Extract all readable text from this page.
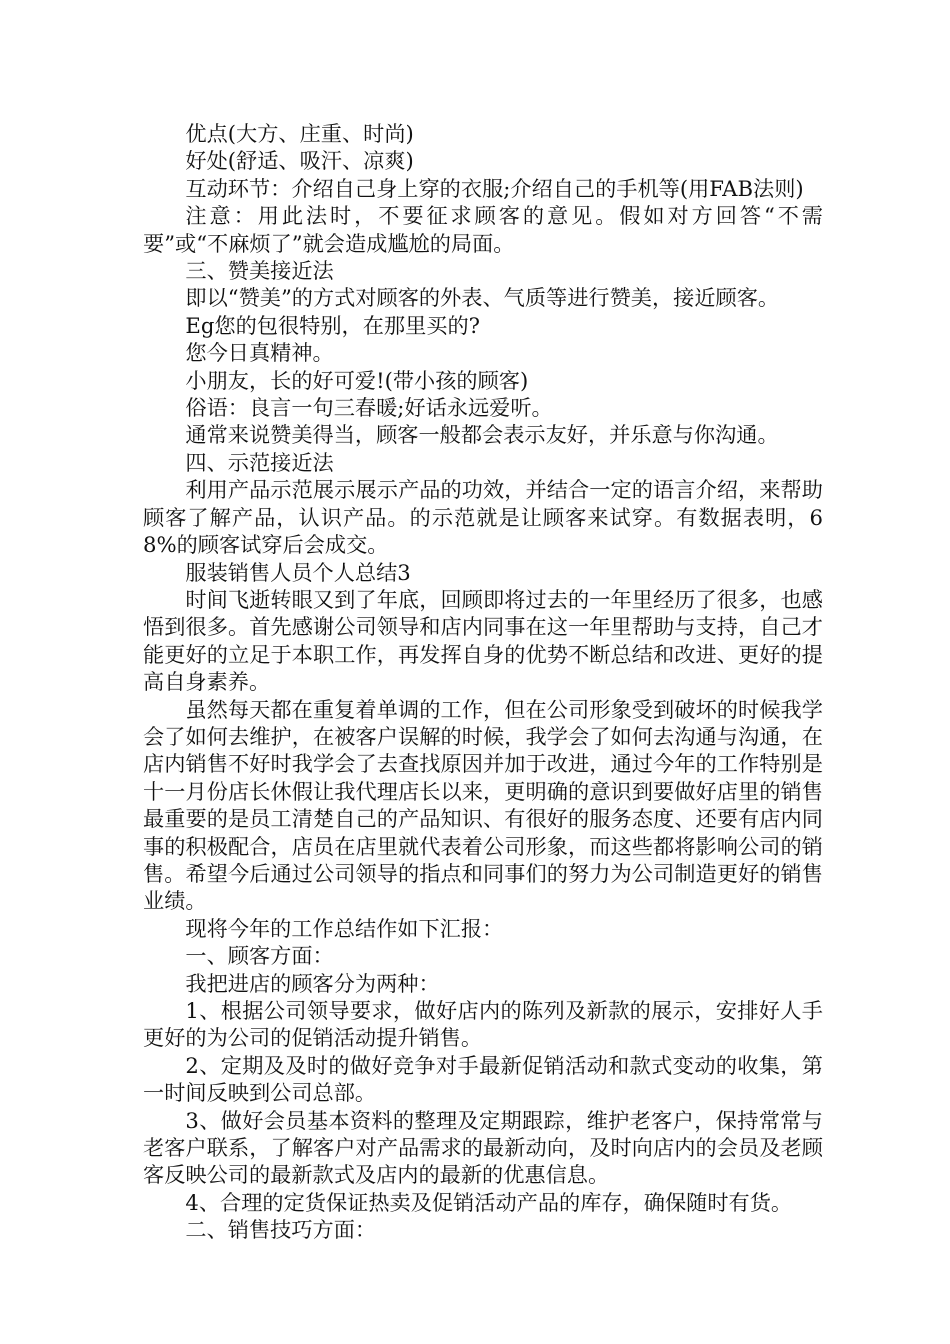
优点(大方、庄重、时尚)

好处(舒适、吸汗、凉爽)

互动环节：介绍自己身上穿的衣服;介绍自己的手机等(用FAB法则)

注意：用此法时，不要征求顾客的意见。假如对方回答“不需要”或“不麻烦了”就会造成尴尬的局面。

三、赞美接近法

即以“赞美”的方式对顾客的外表、气质等进行赞美，接近顾客。

Eg您的包很特别，在那里买的?

您今日真精神。

小朋友，长的好可爱!(带小孩的顾客)

俗语：良言一句三春暖;好话永远爱听。

通常来说赞美得当，顾客一般都会表示友好，并乐意与你沟通。

四、示范接近法

利用产品示范展示展示产品的功效，并结合一定的语言介绍，来帮助顾客了解产品，认识产品。的示范就是让顾客来试穿。有数据表明，68%的顾客试穿后会成交。

服装销售人员个人总结3

时间飞逝转眼又到了年底，回顾即将过去的一年里经历了很多，也感悟到很多。首先感谢公司领导和店内同事在这一年里帮助与支持，自己才能更好的立足于本职工作，再发挥自身的优势不断总结和改进、更好的提高自身素养。

虽然每天都在重复着单调的工作，但在公司形象受到破坏的时候我学会了如何去维护，在被客户误解的时候，我学会了如何去沟通与沟通，在店内销售不好时我学会了去查找原因并加于改进，通过今年的工作特别是十一月份店长休假让我代理店长以来，更明确的意识到要做好店里的销售最重要的是员工清楚自己的产品知识、有很好的服务态度、还要有店内同事的积极配合，店员在店里就代表着公司形象，而这些都将影响公司的销售。希望今后通过公司领导的指点和同事们的努力为公司制造更好的销售业绩。

现将今年的工作总结作如下汇报：

一、顾客方面：

我把进店的顾客分为两种：

1、根据公司领导要求，做好店内的陈列及新款的展示，安排好人手更好的为公司的促销活动提升销售。

2、定期及及时的做好竞争对手最新促销活动和款式变动的收集，第一时间反映到公司总部。

3、做好会员基本资料的整理及定期跟踪，维护老客户，保持常常与老客户联系，了解客户对产品需求的最新动向，及时向店内的会员及老顾客反映公司的最新款式及店内的最新的优惠信息。

4、合理的定货保证热卖及促销活动产品的库存，确保随时有货。

二、销售技巧方面：
